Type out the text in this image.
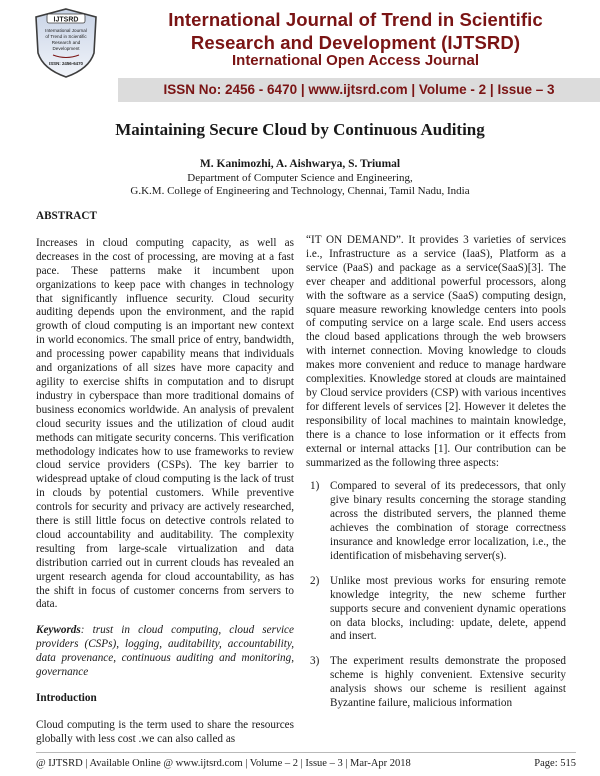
IJTSRD
International Journal
of Trend in Scientific
Research and
Development
ISSN: 2456-6470
International Journal of Trend in Scientific
Research and Development (IJTSRD)
International Open Access Journal
ISSN No: 2456 - 6470 | www.ijtsrd.com | Volume - 2 | Issue – 3
Maintaining Secure Cloud by Continuous Auditing
M. Kanimozhi, A. Aishwarya, S. Triumal
Department of Computer Science and Engineering,
G.K.M. College of Engineering and Technology, Chennai, Tamil Nadu, India
ABSTRACT

Increases in cloud computing capacity, as well as decreases in the cost of processing, are moving at a fast pace. These patterns make it incumbent upon organizations to keep pace with changes in technology that significantly influence security. Cloud security auditing depends upon the environment, and the rapid growth of cloud computing is an important new context in world economics. The small price of entry, bandwidth, and processing power capability means that individuals and organizations of all sizes have more capacity and agility to exercise shifts in computation and to disrupt industry in cyberspace than more traditional domains of business economics worldwide. An analysis of prevalent cloud security issues and the utilization of cloud audit methods can mitigate security concerns. This verification methodology indicates how to use frameworks to review cloud service providers (CSPs). The key barrier to widespread uptake of cloud computing is the lack of trust in clouds by potential customers. While preventive controls for security and privacy are actively researched, there is still little focus on detective controls related to cloud accountability and auditability. The complexity resulting from large-scale virtualization and data distribution carried out in current clouds has revealed an urgent research agenda for cloud accountability, as has the shift in focus of customer concerns from servers to data.

Keywords: trust in cloud computing, cloud service providers (CSPs), logging, auditability, accountability, data provenance, continuous auditing and monitoring, governance

Introduction

Cloud computing is the term used to share the resources globally with less cost .we can also called as

“IT ON DEMAND”. It provides 3 varieties of services i.e., Infrastructure as a service (IaaS), Platform as a service (PaaS) and package as a service(SaaS)[3]. The ever cheaper and additional powerful processors, along with the software as a service (SaaS) computing design, square measure reworking knowledge centers into pools of computing service on a large scale. End users access the cloud based applications through the web browsers with internet connection. Moving knowledge to clouds makes more convenient and reduce to manage hardware complexities. Knowledge stored at clouds are maintained by Cloud service providers (CSP) with various incentives for different levels of services [2]. However it deletes the responsibility of local machines to maintain knowledge, there is a chance to lose information or it effects from external or internal attacks [1]. Our contribution can be summarized as the following three aspects:

1) Compared to several of its predecessors, that only give binary results concerning the storage standing across the distributed servers, the planned theme achieves the combination of storage correctness insurance and knowledge error localization, i.e., the identification of misbehaving server(s).
2) Unlike most previous works for ensuring remote knowledge integrity, the new scheme further supports secure and convenient dynamic operations on data blocks, including: update, delete, append and insert.
3) The experiment results demonstrate the proposed scheme is highly convenient. Extensive security analysis shows our scheme is resilient against Byzantine failure, malicious information
@ IJTSRD | Available Online @ www.ijtsrd.com | Volume – 2 | Issue – 3 | Mar-Apr 2018	Page: 515
